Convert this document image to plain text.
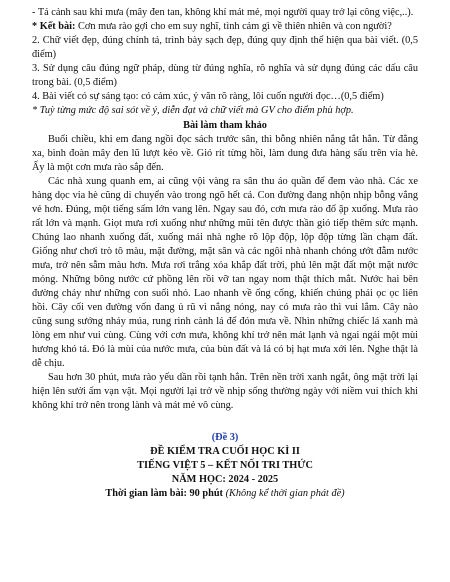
- Tả cảnh sau khi mưa (mây đen tan, không khí mát mẻ, mọi người quay trở lại công việc,..).

* Kết bài: Cơn mưa rào gợi cho em suy nghĩ, tình cảm gì về thiên nhiên và con người?

2. Chữ viết đẹp, đúng chính tả, trình bày sạch đẹp, đúng quy định thể hiện qua bài viết. (0,5 điểm)

3. Sử dụng câu đúng ngữ pháp, dùng từ đúng nghĩa, rõ nghĩa và sử dụng đúng các dấu câu trong bài. (0,5 điểm)

4. Bài viết có sự sáng tạo: có cảm xúc, ý văn rõ ràng, lôi cuốn người đọc…(0,5 điểm)

* Tuỳ từng mức độ sai sót về ý, diễn đạt và chữ viết mà GV cho điểm phù hợp.

Bài làm tham khảo

Buổi chiều, khi em đang ngồi đọc sách trước sân, thì bỗng nhiên nắng tắt hẳn. Từ đằng xa, bình đoàn mây đen lũ lượt kéo về. Gió rít từng hồi, làm dung đưa hàng sấu trên vỉa hè. Ấy là một cơn mưa rào sắp đến.

Các nhà xung quanh em, ai cũng vội vàng ra sân thu áo quần để đem vào nhà. Các xe hàng dọc vỉa hè cũng di chuyển vào trong ngõ hết cả. Con đường đang nhộn nhịp bỗng vắng vẻ hơn. Đúng, một tiếng sấm lớn vang lên. Ngay sau đó, cơn mưa rào đổ ập xuống. Mưa rào rất lớn và mạnh. Giọt mưa rơi xuống như những mũi tên được thần gió tiếp thêm sức mạnh. Chúng lao nhanh xuống đất, xuống mái nhà nghe rõ lộp độp, lộp độp từng lần chạm đất. Giống như chơi trò tô màu, mặt đường, mặt sân và các ngôi nhà nhanh chóng ướt đẫm nước mưa, trở nên sẫm màu hơn. Mưa rơi trắng xóa khắp đất trời, phủ lên mặt đất một mặt nước mỏng. Những bông nước cứ phồng lên rồi vỡ tan ngay nom thật thích mắt. Nước hai bên đường chảy như những con suối nhỏ. Lao nhanh về ống cống, khiến chúng phải ọc ọc liên hồi. Cây cối ven đường vốn đang ủ rũ vì nắng nóng, nay có mưa rào thì vui lắm. Cây nào cũng sung sướng nhảy múa, rung rinh cành lá để đón mưa về. Nhìn những chiếc lá xanh mà lòng em như vui cùng. Cùng với cơn mưa, không khí trở nên mát lạnh và ngai ngái một mùi hương khó tả. Đó là mùi của nước mưa, của bùn đất và lá có bị hạt mưa xới lên. Nghe thật là dễ chịu.

Sau hơn 30 phút, mưa rào yếu dần rồi tạnh hẳn. Trên nền trời xanh ngắt, ông mặt trời lại hiện lên sưởi ấm vạn vật. Mọi người lại trở về nhịp sống thường ngày với niềm vui thích khi không khí trở nên trong lành và mát mẻ vô cùng.

(Đề 3)

ĐỀ KIỂM TRA CUỐI HỌC KÌ II

TIẾNG VIỆT 5 – KẾT NỐI TRI THỨC

NĂM HỌC: 2024 - 2025

Thời gian làm bài: 90 phút (Không kể thời gian phát đề)
